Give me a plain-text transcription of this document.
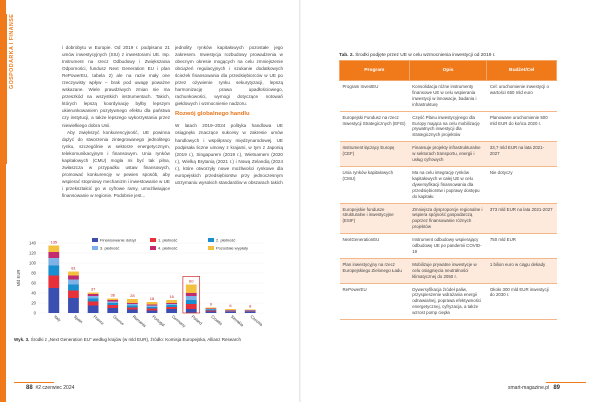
GOSPODARKA I FINANSE	i dobrobytu w Europie. Od 2019 r. podpisano 21 umów inwestycyjnych (SIU) z inwestorami UE. Inp. Instrument na rzecz Odbudowy i Zwiększania Odporności, fundusz Next Generation EU i plan RePowerEU, tabela 2) ale na razie mały one rzeczywisty wpływ – brak pod uwagę poważne wskazane. Wiele prawdziwych zmian nie ma przeszkód na wszystkich instrumentach. Takich, których lepszą koordynację byłby lepszym ukierunkowaniem pozytywnego efektu dla państwa czy instytucji, a także lepszego wykorzystania przez niewielkiego dobra Unii.

Aby zwiększyć konkurencyjność, UE powinna dążyć do stworzenia zintegrowanego jednolitego rynku, szczególnie w sektorze energetycznym, telekomunikacyjnym i finansowym. Unia rynków kapitałowych (CMU) mogła mi być tak pilna, zwłaszcza w przypadku ustaw finansowych, promować konkurencję w pewien sposób, aby wspierać stopniowy mechanizm i inwestowanie w UE i przekształcić go w cyfrowe ramy, umożliwiające finansowanie w regionie. Podobnie jest...

jednolity rynków kapitałowych pozostałe jego zakresem. Inwestycja rozbudowy prowadzenia w obecnym okresie mogących na celu zmniejszenie obciążeń regulacyjnych i szukanie dodatkowych ścieżek finansowania dla przedsiębiorców w UE po przez ożywienie rynku sekurytyzacji, lepszą harmonizację prawa upadłościowego, rachunkowości, wymogi dotyczące notowań giełdowych i wzmocnienie nadzoru.

Rozwój globalnego handlu

W latach 2019–2024 polityka handlowa UE osiągnęła znaczące sukcesy w zakresie umów handlowych i współpracy międzynarodowej. UE podpisała liczne umowy z krajami, w tym z Japonią (2019 r.), Singapurem (2019 r.), Wietnamem (2020 r.), Wielką Brytanią (2021 r.) i Nową Zelandią (2024 r.), które otworzyły nowe możliwości rynkowe dla europejskich przedsiębiorstw przy jednoczesnym utrzymaniu wysokich standardów w obszarach takich

0
20
40
60
80
100
120
140
Mld EUR
135
Italy
81
Spain
37
France
36
Greece
28
Romania
18
Portugal
16
Germany
60
Poland
9
Croatia
6
Slovakia
8
Czechia
Finansowanie dotąd	1. płatność	2. płatność
3. płatność	4. płatność	Pozostałe wypłaty
Wyk. 3. Środki z „Next Generation EU” według krajów (w mld EUR), źródło: Komisja Europejska, Allianz Research
88 #2 czerwiec 2024
Tab. 2. Środki podjęte przez UE w celu wzmocnienia inwestycji od 2019 r.
Program	Opis	Budżet/Cel
Program InvestEU	Konsolidacja różne instrumenty finansowe UE w celu wspierania inwestycji w innowacje, badania i infrastrukturę	Cel: uruchomienie inwestycji o wartości 650 mld euro
Europejski Fundusz na rzecz Inwestycji Strategicznych (EFIS)	Część Planu inwestycyjnego dla Europy mająca na celu mobilizację prywatnych inwestycji dla strategicznych projektów	Planowane uruchomienie 500 mld EUR do końca 2020 r.
Instrument łączący Europę (CEF)	Finansuje projekty infrastrukturalne w sektorach transportu, energii i usług cyfrowych	33,7 mld EUR na lata 2021-2027
Unia rynków kapitałowych (CMU)	Ma na celu integrację rynków kapitałowych w całej UE w celu dywersyfikacji finansowania dla przedsiębiorstw i poprawy dostępu do kapitału	Nie dotyczy
Europejskie fundusze strukturalne i inwestycyjne (ESIF)	Zmniejsza dysproporcje regionalne i wspiera spójność gospodarczą poprzez finansowanie różnych projektów	373 mld EUR na lata 2021-2027
NextGenerationEU	Instrument odbudowy wspierający odbudowę UE po pandemii COVID-19	750 mld EUR
Plan inwestycyjny na rzecz Europejskiego Zielonego Ładu	Mobilizuje prywatne inwestycje w celu osiągnięcia neutralności klimatycznej do 2050 r.	1 bilion euro w ciągu dekady
RePowerEU	Dywersyfikacja źródeł paliw, przyspieszenie wdrażania energii odnawialnej, poprawa efektywności energetycznej, cyfryzacja, a także wzrost pomp ciepła	Około 300 mld EUR inwestycji do 2030 r.
smart-magazine.pl 89
